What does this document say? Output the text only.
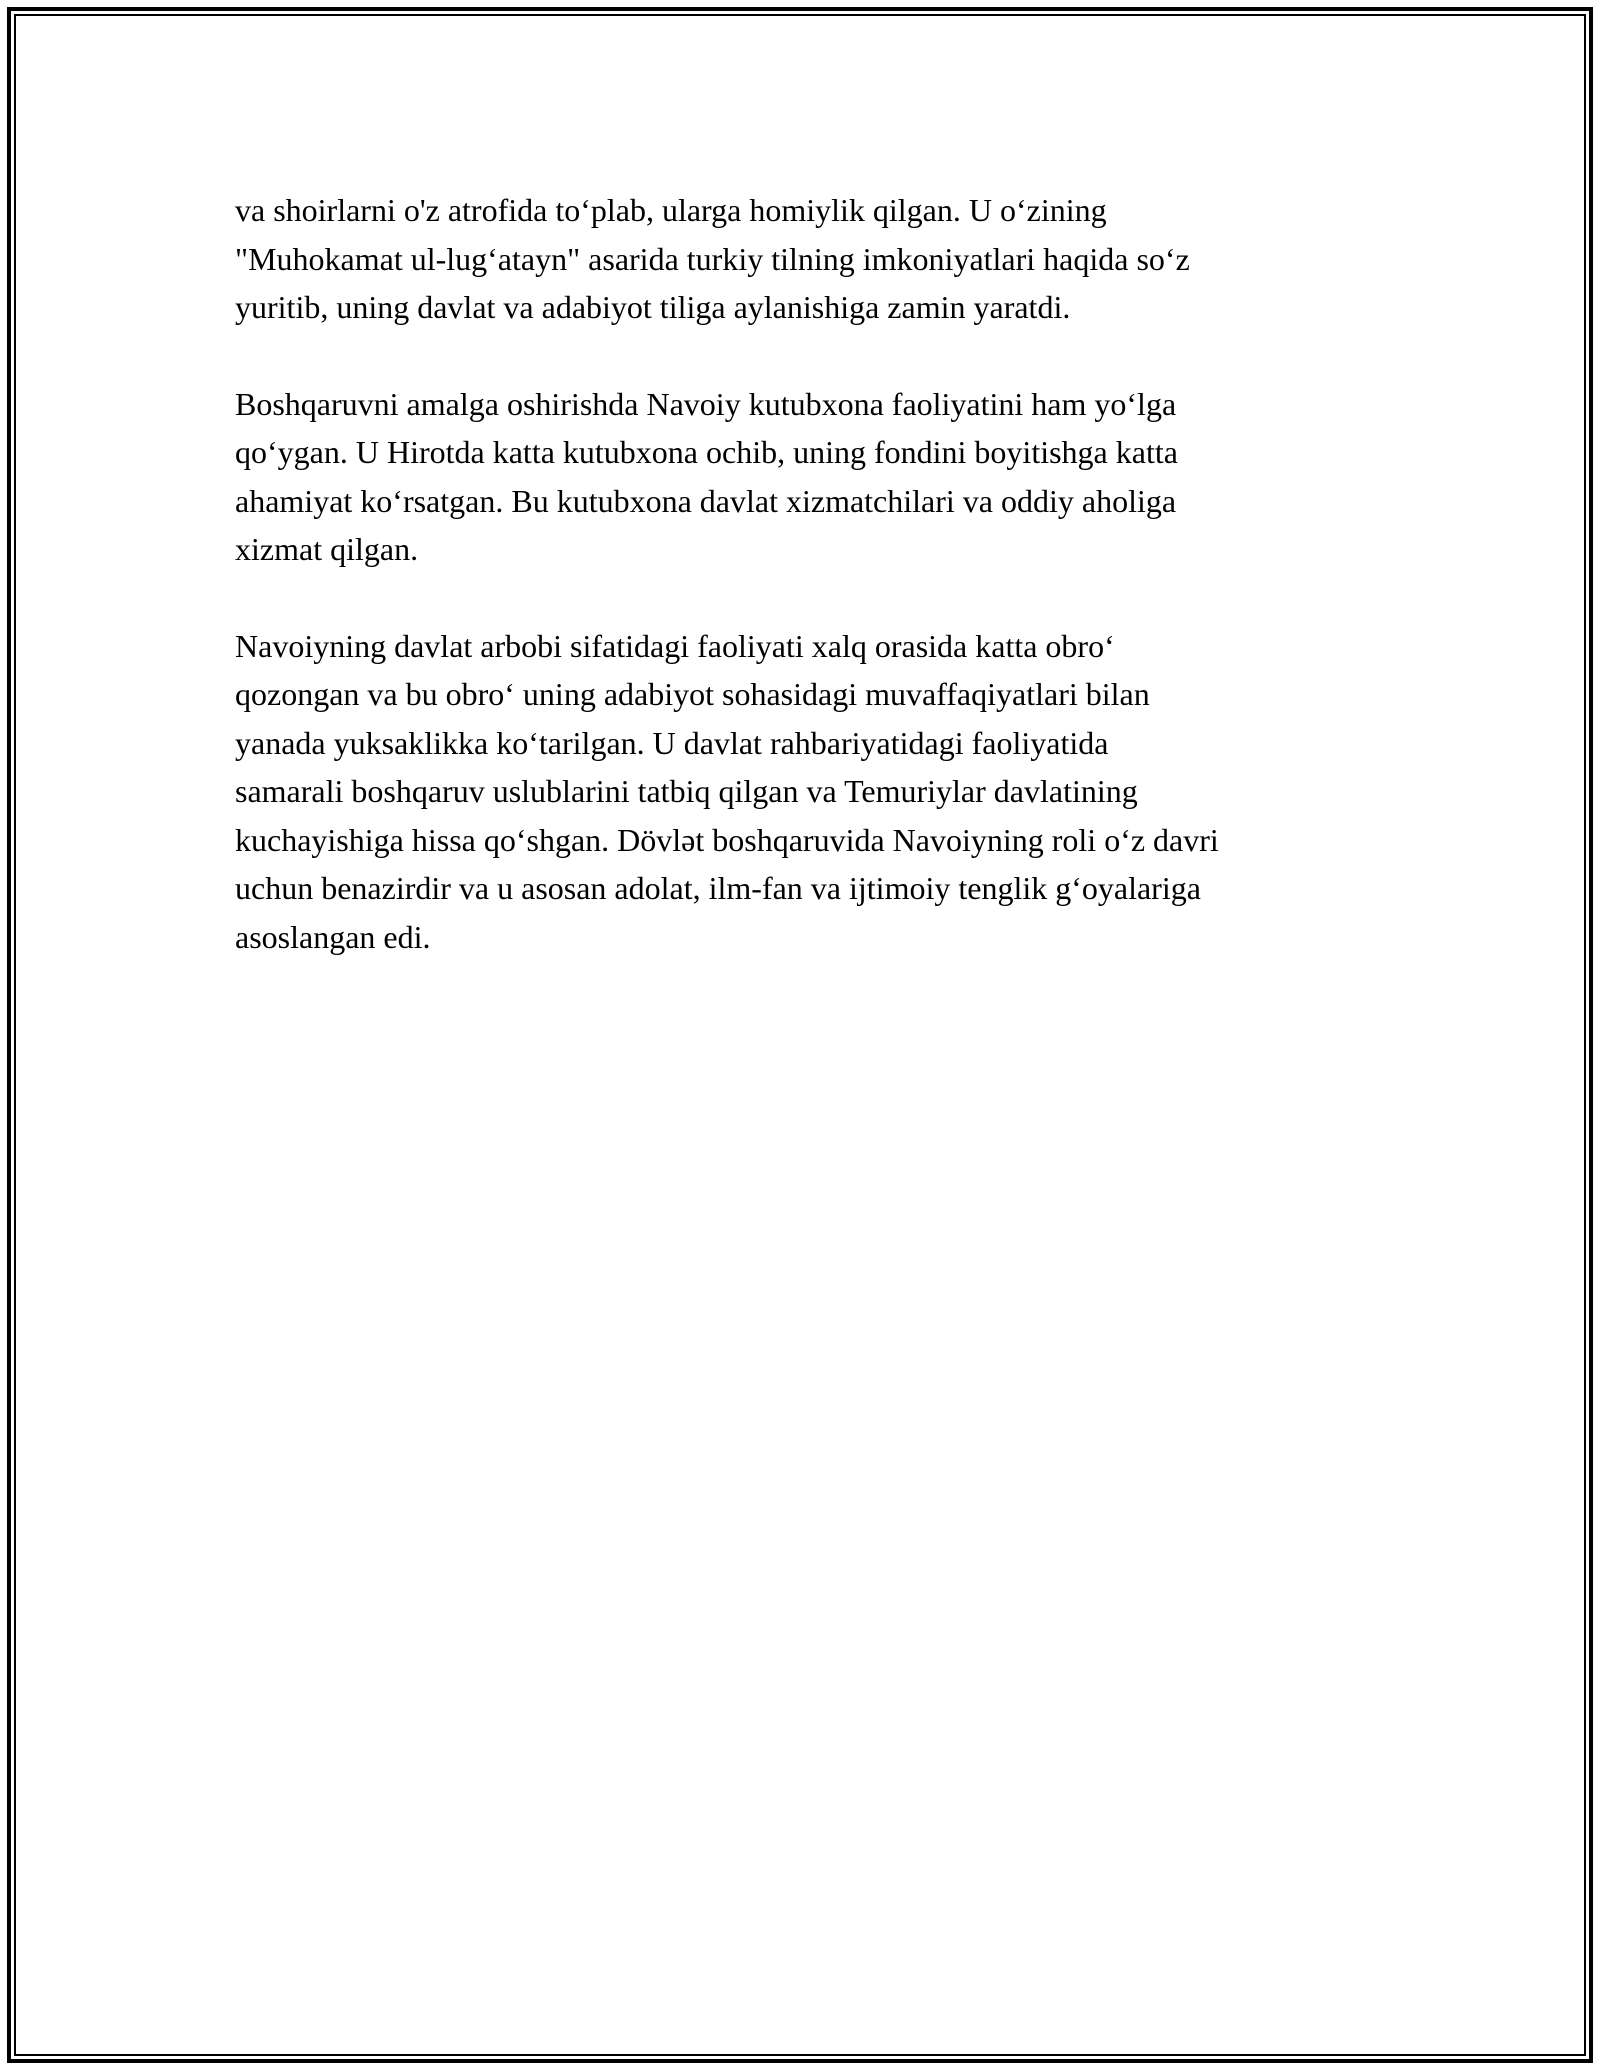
va shoirlarni o'z atrofida to‘plab, ularga homiylik qilgan. U o‘zining
"Muhokamat ul-lug‘atayn" asarida turkiy tilning imkoniyatlari haqida so‘z
yuritib, uning davlat va adabiyot tiliga aylanishiga zamin yaratdi.

Boshqaruvni amalga oshirishda Navoiy kutubxona faoliyatini ham yo‘lga
qo‘ygan. U Hirotda katta kutubxona ochib, uning fondini boyitishga katta
ahamiyat ko‘rsatgan. Bu kutubxona davlat xizmatchilari va oddiy aholiga
xizmat qilgan.

Navoiyning davlat arbobi sifatidagi faoliyati xalq orasida katta obro‘
qozongan va bu obro‘ uning adabiyot sohasidagi muvaffaqiyatlari bilan
yanada yuksaklikka ko‘tarilgan. U davlat rahbariyatidagi faoliyatida
samarali boshqaruv uslublarini tatbiq qilgan va Temuriylar davlatining
kuchayishiga hissa qo‘shgan. Dövlət boshqaruvida Navoiyning roli o‘z davri
uchun benazirdir va u asosan adolat, ilm-fan va ijtimoiy tenglik g‘oyalariga
asoslangan edi.
